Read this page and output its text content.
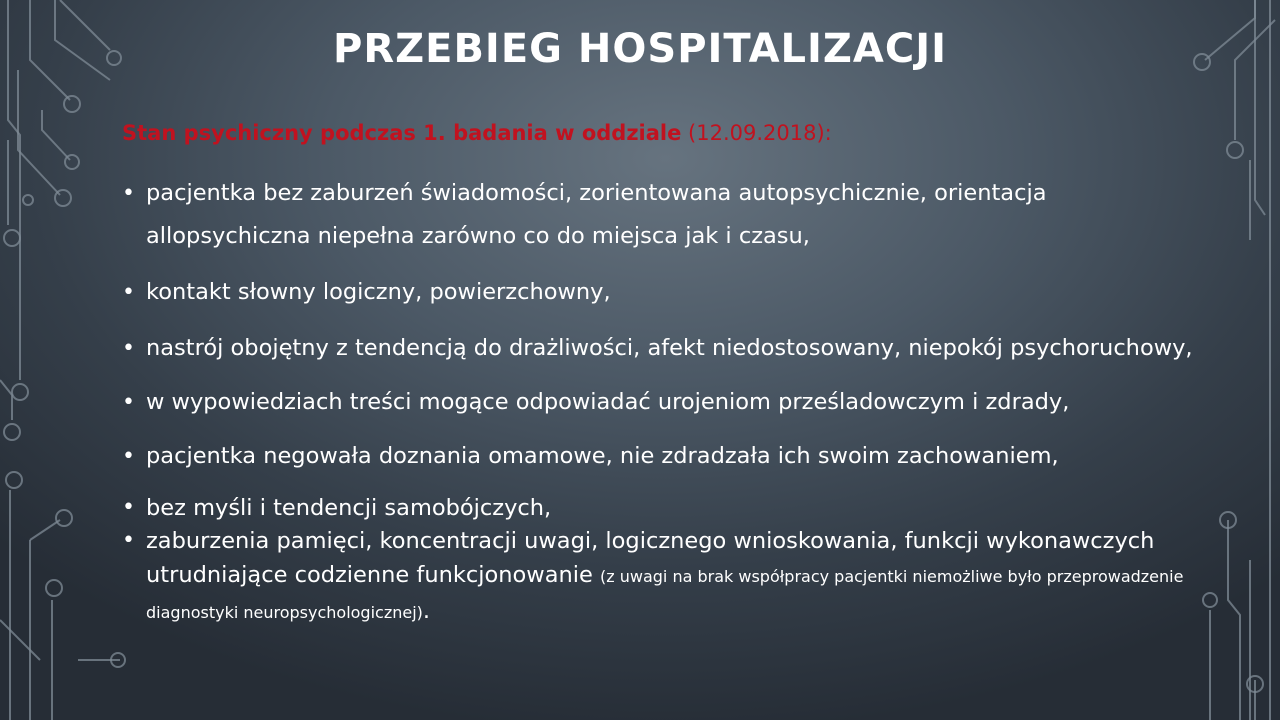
PRZEBIEG HOSPITALIZACJI
Stan psychiczny podczas 1. badania w oddziale (12.09.2018):
• pacjentka bez zaburzeń świadomości, zorientowana autopsychicznie, orientacja allopsychiczna niepełna zarówno co do miejsca jak i czasu,
• kontakt słowny logiczny, powierzchowny,
• nastrój obojętny z tendencją do drażliwości, afekt niedostosowany, niepokój psychoruchowy,
• w wypowiedziach treści mogące odpowiadać urojeniom prześladowczym i zdrady,
• pacjentka negowała doznania omamowe, nie zdradzała ich swoim zachowaniem,
• bez myśli i tendencji samobójczych,
• zaburzenia pamięci, koncentracji uwagi, logicznego wnioskowania, funkcji wykonawczych utrudniające codzienne funkcjonowanie (z uwagi na brak współpracy pacjentki niemożliwe było przeprowadzenie diagnostyki neuropsychologicznej).
